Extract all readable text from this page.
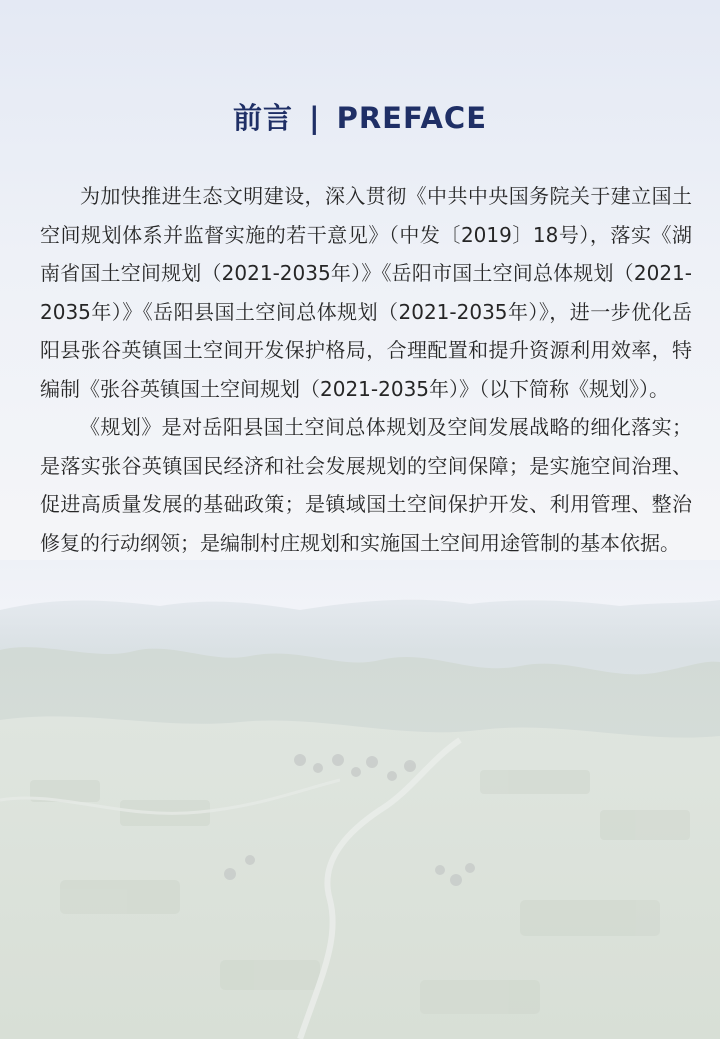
前言 | PREFACE

为加快推进生态文明建设，深入贯彻《中共中央国务院关于建立国土空间规划体系并监督实施的若干意见》（中发〔2019〕18号），落实《湖南省国土空间规划（2021-2035年）》《岳阳市国土空间总体规划（2021-2035年）》《岳阳县国土空间总体规划（2021-2035年）》，进一步优化岳阳县张谷英镇国土空间开发保护格局，合理配置和提升资源利用效率，特编制《张谷英镇国土空间规划（2021-2035年）》（以下简称《规划》）。

《规划》是对岳阳县国土空间总体规划及空间发展战略的细化落实；是落实张谷英镇国民经济和社会发展规划的空间保障；是实施空间治理、促进高质量发展的基础政策；是镇域国土空间保护开发、利用管理、整治修复的行动纲领；是编制村庄规划和实施国土空间用途管制的基本依据。
